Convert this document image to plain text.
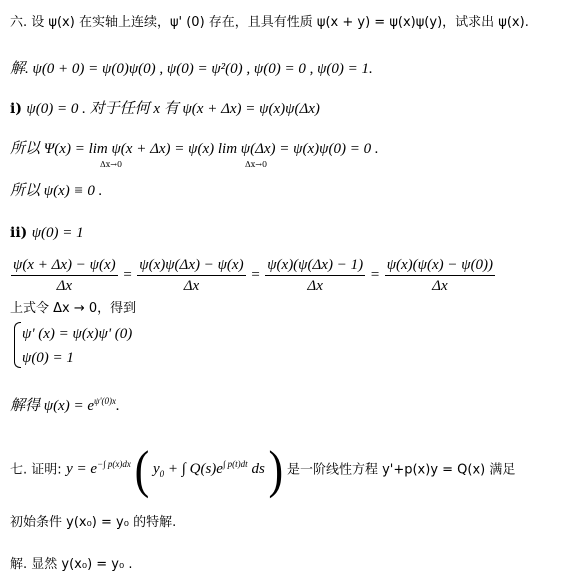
六. 设 ψ(x) 在实轴上连续，ψ' (0) 存在，且具有性质 ψ(x + y) = ψ(x)ψ(y)，试求出 ψ(x).
解. ψ(0 + 0) = ψ(0)ψ(0) , ψ(0) = ψ²(0) , ψ(0) = 0 , ψ(0) = 1.
i) ψ(0) = 0 . 对于任何 x 有 ψ(x + Δx) = ψ(x)ψ(Δx)
所以 Ψ(x) = lim ψ(x + Δx) = ψ(x) lim ψ(Δx) = ψ(x)ψ(0) = 0 .
Δx→0	Δx→0
所以 ψ(x) ≡ 0 .
ii) ψ(0) = 1
$\frac{\psi(x + \Delta x) - \psi(x)}{\Delta x} = \frac{\psi(x)\psi(\Delta x) - \psi(x)}{\Delta x} = \frac{\psi(x)(\psi(\Delta x) - 1)}{\Delta x} = \frac{\psi(x)(\psi(x) - \psi(0))}{\Delta x}$
上式令 Δx → 0，得到
ψ' (x) = ψ(x)ψ' (0)
ψ(0) = 1
解得 $\psi(x) = e^{\psi'(0)x}$.
七. 证明: $y = e^{-\int p(x)dx}$ ( $y_0$ + ∫ $Q(s)e^{\int p(t)dt}$ ds ) 是一阶线性方程 y'+p(x)y = Q(x) 满足
初始条件 y(x₀) = y₀ 的特解.
解. 显然 y(x₀) = y₀ .
